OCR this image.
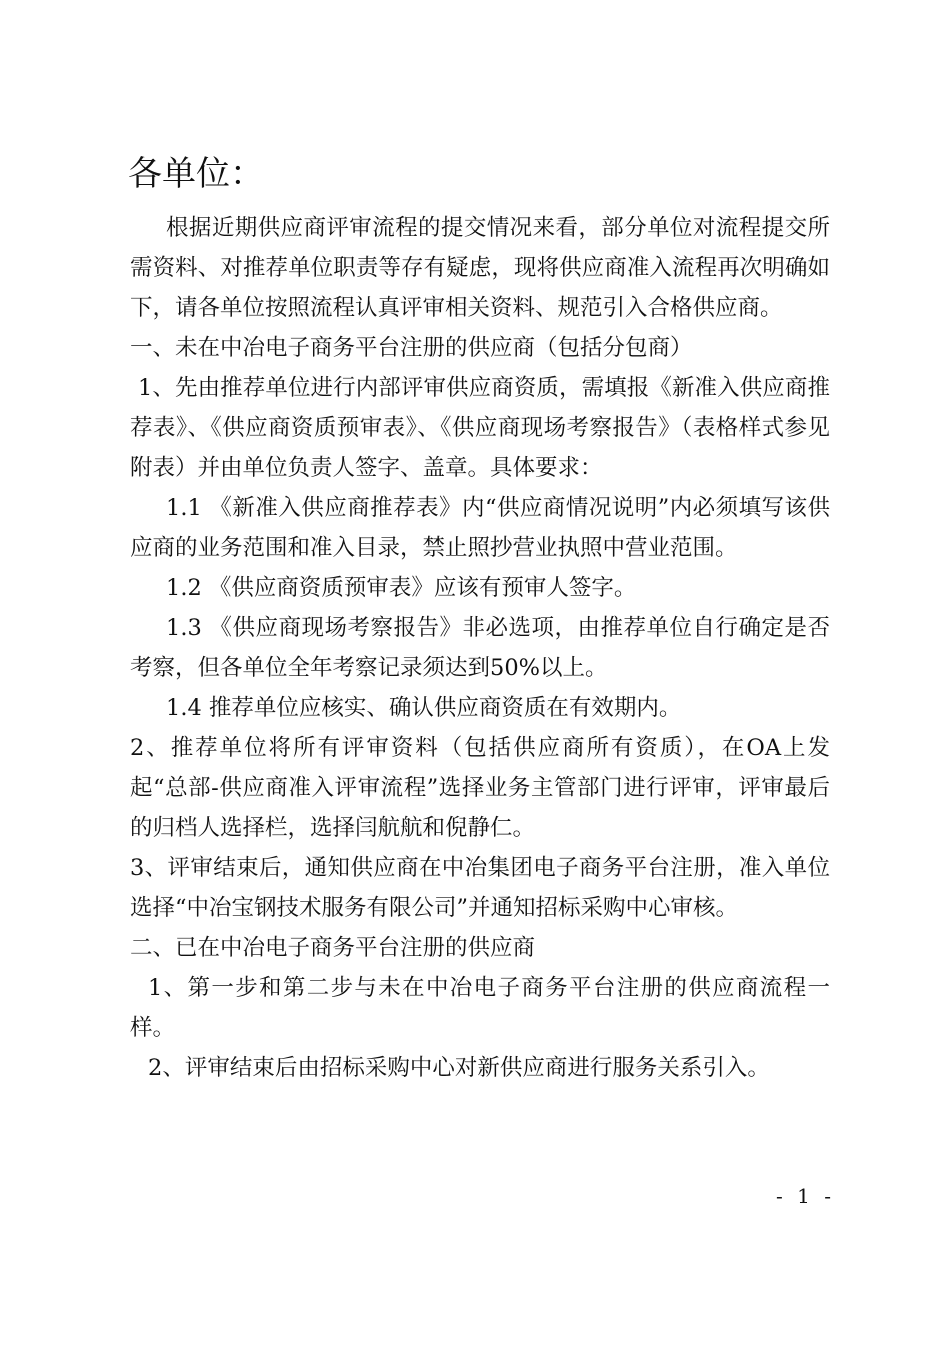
各单位：

根据近期供应商评审流程的提交情况来看，部分单位对流程提交所需资料、对推荐单位职责等存有疑虑，现将供应商准入流程再次明确如下，请各单位按照流程认真评审相关资料、规范引入合格供应商。

一、未在中冶电子商务平台注册的供应商（包括分包商）

1、先由推荐单位进行内部评审供应商资质，需填报《新准入供应商推荐表》、《供应商资质预审表》、《供应商现场考察报告》（表格样式参见附表）并由单位负责人签字、盖章。具体要求：

1.1 《新准入供应商推荐表》内“供应商情况说明”内必须填写该供应商的业务范围和准入目录，禁止照抄营业执照中营业范围。

1.2 《供应商资质预审表》应该有预审人签字。

1.3 《供应商现场考察报告》非必选项，由推荐单位自行确定是否考察，但各单位全年考察记录须达到50%以上。

1.4 推荐单位应核实、确认供应商资质在有效期内。

2、推荐单位将所有评审资料（包括供应商所有资质），在OA上发起“总部-供应商准入评审流程”选择业务主管部门进行评审，评审最后的归档人选择栏，选择闫航航和倪静仁。

3、评审结束后，通知供应商在中冶集团电子商务平台注册，准入单位选择“中冶宝钢技术服务有限公司”并通知招标采购中心审核。

二、已在中冶电子商务平台注册的供应商

1、第一步和第二步与未在中冶电子商务平台注册的供应商流程一样。

2、评审结束后由招标采购中心对新供应商进行服务关系引入。

- 1 -
